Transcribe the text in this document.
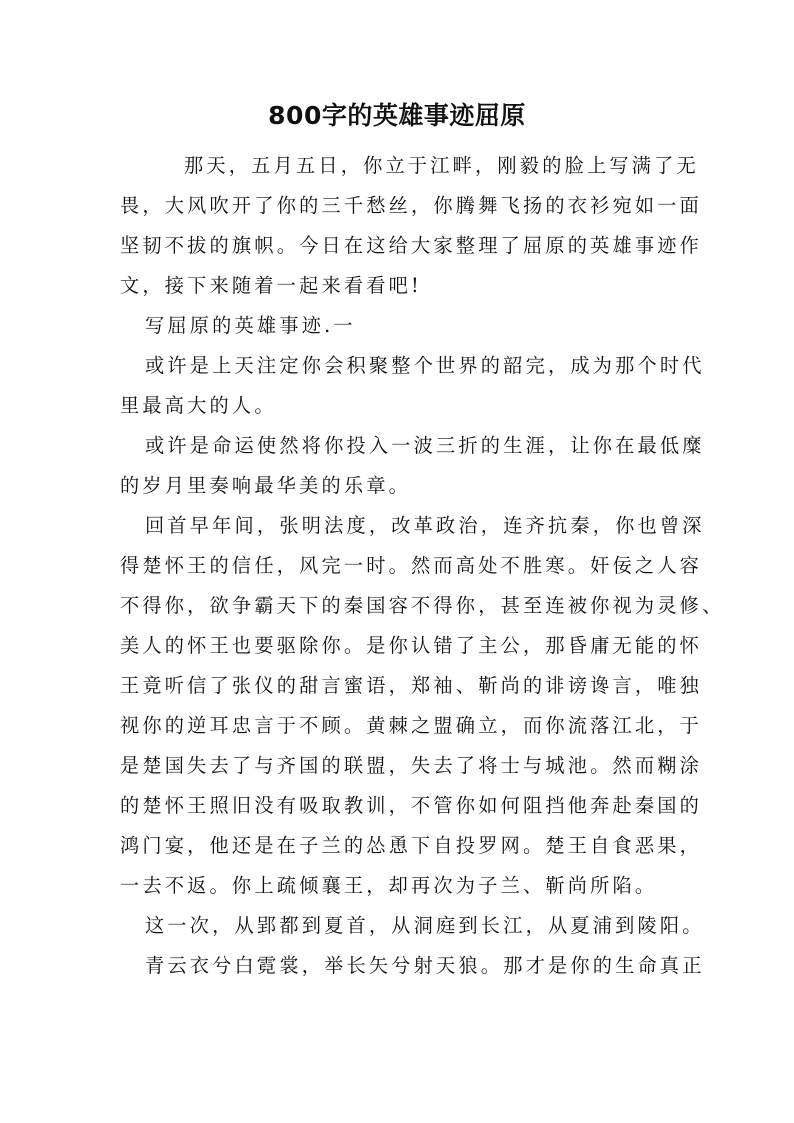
800字的英雄事迹屈原
那天，五月五日，你立于江畔，刚毅的脸上写满了无
畏，大风吹开了你的三千愁丝，你腾舞飞扬的衣衫宛如一面
坚韧不拔的旗帜。今日在这给大家整理了屈原的英雄事迹作
文，接下来随着一起来看看吧!
写屈原的英雄事迹.一
或许是上天注定你会积聚整个世界的韶完，成为那个时代
里最高大的人。
或许是命运使然将你投入一波三折的生涯，让你在最低糜
的岁月里奏响最华美的乐章。
回首早年间，张明法度，改革政治，连齐抗秦，你也曾深
得楚怀王的信任，风完一时。然而高处不胜寒。奸佞之人容
不得你，欲争霸天下的秦国容不得你，甚至连被你视为灵修、
美人的怀王也要驱除你。是你认错了主公，那昏庸无能的怀
王竟听信了张仪的甜言蜜语，郑袖、靳尚的诽谤谗言，唯独
视你的逆耳忠言于不顾。黄棘之盟确立，而你流落江北，于
是楚国失去了与齐国的联盟，失去了将士与城池。然而糊涂
的楚怀王照旧没有吸取教训，不管你如何阻挡他奔赴秦国的
鸿门宴，他还是在子兰的怂恿下自投罗网。楚王自食恶果，
一去不返。你上疏倾襄王，却再次为子兰、靳尚所陷。
这一次，从郢都到夏首，从洞庭到长江，从夏浦到陵阳。
青云衣兮白霓裳，举长矢兮射天狼。那才是你的生命真正
